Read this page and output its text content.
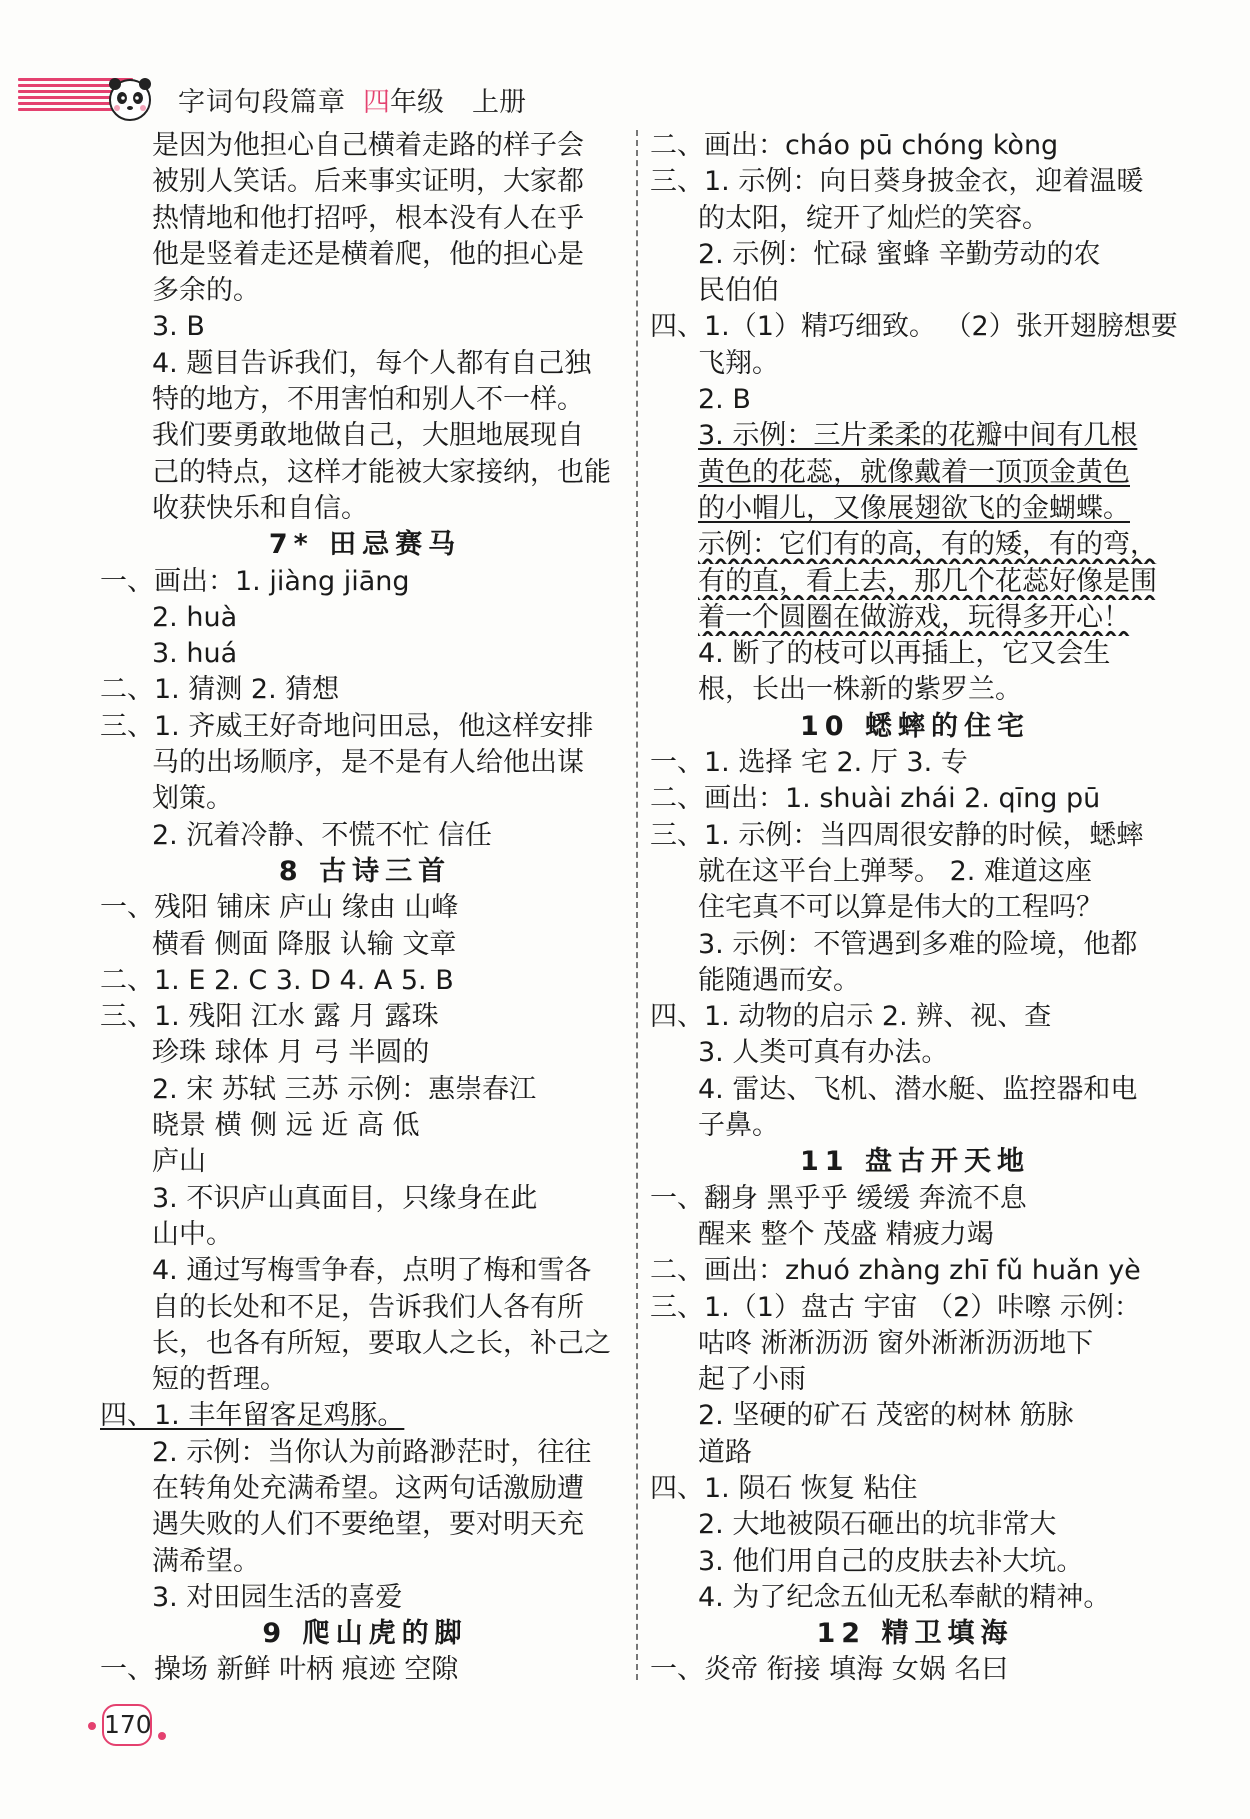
字词句段篇章 四年级 上册
是因为他担心自己横着走路的样子会
被别人笑话。后来事实证明，大家都
热情地和他打招呼，根本没有人在乎
他是竖着走还是横着爬，他的担心是
多余的。
3. B
4. 题目告诉我们，每个人都有自己独
特的地方，不用害怕和别人不一样。
我们要勇敢地做自己，大胆地展现自
己的特点，这样才能被大家接纳，也能
收获快乐和自信。
7* 田忌赛马
一、画出：1. jiàng jiāng
2. huà
3. huá
二、1. 猜测 2. 猜想
三、1. 齐威王好奇地问田忌，他这样安排
马的出场顺序，是不是有人给他出谋
划策。
2. 沉着冷静、不慌不忙 信任
8 古诗三首
一、残阳 铺床 庐山 缘由 山峰
横看 侧面 降服 认输 文章
二、1. E 2. C 3. D 4. A 5. B
三、1. 残阳 江水 露 月 露珠
珍珠 球体 月 弓 半圆的
2. 宋 苏轼 三苏 示例：惠崇春江
晓景 横 侧 远 近 高 低
庐山
3. 不识庐山真面目，只缘身在此
山中。
4. 通过写梅雪争春，点明了梅和雪各
自的长处和不足，告诉我们人各有所
长，也各有所短，要取人之长，补己之
短的哲理。
四、1. 丰年留客足鸡豚。
2. 示例：当你认为前路渺茫时，往往
在转角处充满希望。这两句话激励遭
遇失败的人们不要绝望，要对明天充
满希望。
3. 对田园生活的喜爱
9 爬山虎的脚
一、操场 新鲜 叶柄 痕迹 空隙
二、画出：cháo pū chóng kòng
三、1. 示例：向日葵身披金衣，迎着温暖
的太阳，绽开了灿烂的笑容。
2. 示例：忙碌 蜜蜂 辛勤劳动的农
民伯伯
四、1.（1）精巧细致。 （2）张开翅膀想要
飞翔。
2. B
3. 示例：三片柔柔的花瓣中间有几根
黄色的花蕊，就像戴着一顶顶金黄色
的小帽儿，又像展翅欲飞的金蝴蝶。
示例：它们有的高，有的矮，有的弯，
有的直，看上去，那几个花蕊好像是围
着一个圆圈在做游戏，玩得多开心！
4. 断了的枝可以再插上，它又会生
根，长出一株新的紫罗兰。
10 蟋蟀的住宅
一、1. 选择 宅 2. 厅 3. 专
二、画出：1. shuài zhái 2. qīng pū
三、1. 示例：当四周很安静的时候，蟋蟀
就在这平台上弹琴。 2. 难道这座
住宅真不可以算是伟大的工程吗？
3. 示例：不管遇到多难的险境，他都
能随遇而安。
四、1. 动物的启示 2. 辨、视、查
3. 人类可真有办法。
4. 雷达、飞机、潜水艇、监控器和电
子鼻。
11 盘古开天地
一、翻身 黑乎乎 缓缓 奔流不息
醒来 整个 茂盛 精疲力竭
二、画出：zhuó zhàng zhī fǔ huǎn yè
三、1.（1）盘古 宇宙 （2）咔嚓 示例：
咕咚 淅淅沥沥 窗外淅淅沥沥地下
起了小雨
2. 坚硬的矿石 茂密的树林 筋脉
道路
四、1. 陨石 恢复 粘住
2. 大地被陨石砸出的坑非常大
3. 他们用自己的皮肤去补大坑。
4. 为了纪念五仙无私奉献的精神。
12 精卫填海
一、炎帝 衔接 填海 女娲 名曰
170
